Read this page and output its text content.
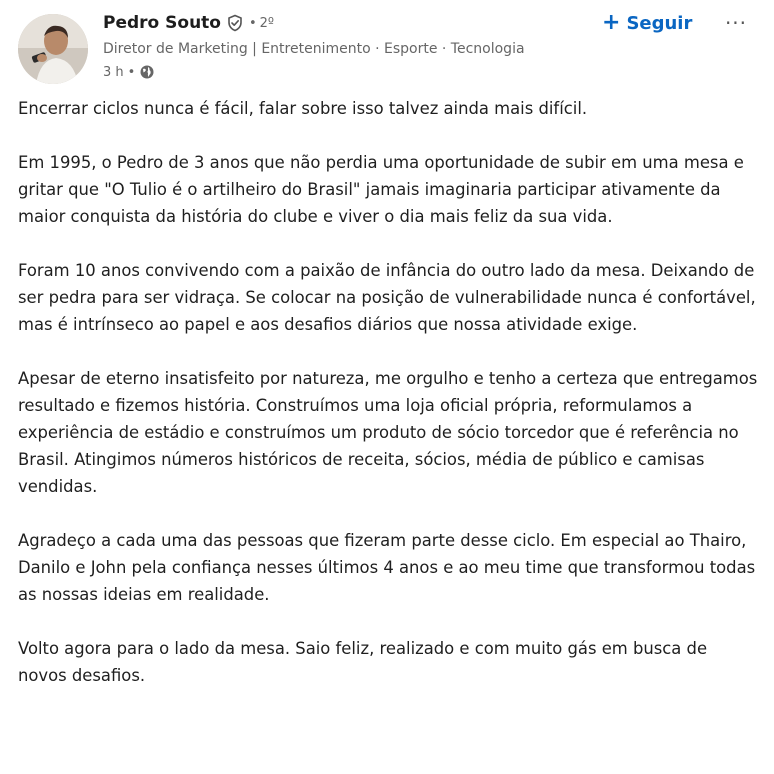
Pedro Souto • 2º
Diretor de Marketing | Entretenimento · Esporte · Tecnologia
3 h •
+ Seguir ···

Encerrar ciclos nunca é fácil, falar sobre isso talvez ainda mais difícil.

Em 1995, o Pedro de 3 anos que não perdia uma oportunidade de subir em uma mesa e gritar que "O Tulio é o artilheiro do Brasil" jamais imaginaria participar ativamente da maior conquista da história do clube e viver o dia mais feliz da sua vida.

Foram 10 anos convivendo com a paixão de infância do outro lado da mesa. Deixando de ser pedra para ser vidraça. Se colocar na posição de vulnerabilidade nunca é confortável, mas é intrínseco ao papel e aos desafios diários que nossa atividade exige.

Apesar de eterno insatisfeito por natureza, me orgulho e tenho a certeza que entregamos resultado e fizemos história. Construímos uma loja oficial própria, reformulamos a experiência de estádio e construímos um produto de sócio torcedor que é referência no Brasil. Atingimos números históricos de receita, sócios, média de público e camisas vendidas.

Agradeço a cada uma das pessoas que fizeram parte desse ciclo. Em especial ao Thairo, Danilo e John pela confiança nesses últimos 4 anos e ao meu time que transformou todas as nossas ideias em realidade.

Volto agora para o lado da mesa. Saio feliz, realizado e com muito gás em busca de novos desafios.
